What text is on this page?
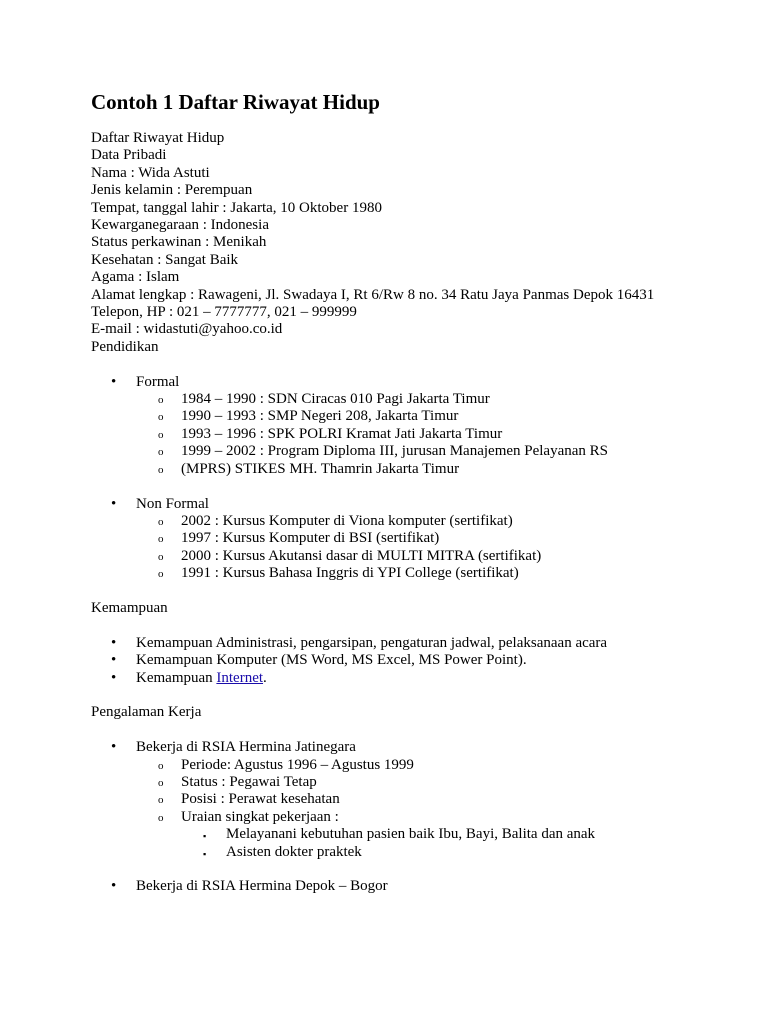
Contoh 1 Daftar Riwayat Hidup
Daftar Riwayat Hidup
Data Pribadi
Nama : Wida Astuti
Jenis kelamin : Perempuan
Tempat, tanggal lahir : Jakarta, 10 Oktober 1980
Kewarganegaraan : Indonesia
Status perkawinan : Menikah
Kesehatan : Sangat Baik
Agama : Islam
Alamat lengkap : Rawageni, Jl. Swadaya I, Rt 6/Rw 8 no. 34 Ratu Jaya Panmas Depok 16431
Telepon, HP : 021 – 7777777, 021 – 999999
E-mail : widastuti@yahoo.co.id
Pendidikan
• Formal
o 1984 – 1990 : SDN Ciracas 010 Pagi Jakarta Timur
o 1990 – 1993 : SMP Negeri 208, Jakarta Timur
o 1993 – 1996 : SPK POLRI Kramat Jati Jakarta Timur
o 1999 – 2002 : Program Diploma III, jurusan Manajemen Pelayanan RS
o (MPRS) STIKES MH. Thamrin Jakarta Timur
• Non Formal
o 2002 : Kursus Komputer di Viona komputer (sertifikat)
o 1997 : Kursus Komputer di BSI (sertifikat)
o 2000 : Kursus Akutansi dasar di MULTI MITRA (sertifikat)
o 1991 : Kursus Bahasa Inggris di YPI College (sertifikat)
Kemampuan
• Kemampuan Administrasi, pengarsipan, pengaturan jadwal, pelaksanaan acara
• Kemampuan Komputer (MS Word, MS Excel, MS Power Point).
• Kemampuan Internet.
Pengalaman Kerja
• Bekerja di RSIA Hermina Jatinegara
o Periode: Agustus 1996 – Agustus 1999
o Status : Pegawai Tetap
o Posisi : Perawat kesehatan
o Uraian singkat pekerjaan :
▪ Melayanani kebutuhan pasien baik Ibu, Bayi, Balita dan anak
▪ Asisten dokter praktek
• Bekerja di RSIA Hermina Depok – Bogor
